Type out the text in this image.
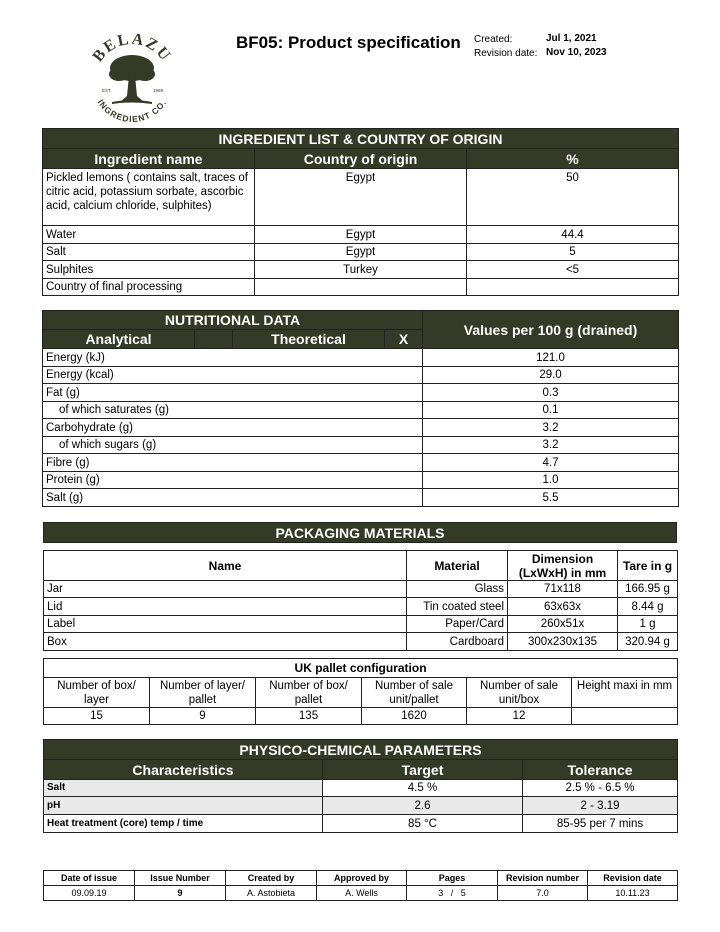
BELAZU
INGREDIENT CO.
EST.	1989
BF05: Product specification Created:	Jul 1, 2021
Revision date: Nov 10, 2023
INGREDIENT LIST & COUNTRY OF ORIGIN		
Ingredient name	Country of origin	%
Pickled lemons ( contains salt, traces of citric acid, potassium sorbate, ascorbic acid, calcium chloride, sulphites)	Egypt	50
Water	Egypt	44.4
Salt	Egypt	5
Sulphites	Turkey	<5
Country of final processing		
NUTRITIONAL DATA				Values per 100 g (drained)
Analytical		Theoretical	X	
Energy (kJ)				121.0
Energy (kcal)				29.0
Fat (g)				0.3
of which saturates (g)				0.1
Carbohydrate (g)				3.2
of which sugars (g)				3.2
Fibre (g)				4.7
Protein (g)				1.0
Salt (g)				5.5
PACKAGING MATERIALS
Name	Material	Dimension (LxWxH) in mm	Tare in g
Jar	Glass	71x118	166.95 g
Lid	Tin coated steel	63x63x	8.44 g
Label	Paper/Card	260x51x	1 g
Box	Cardboard	300x230x135	320.94 g
UK pallet configuration					
Number of box/ layer	Number of layer/ pallet	Number of box/ pallet	Number of sale unit/pallet	Number of sale unit/box	Height maxi in mm
15	9	135	1620	12	
PHYSICO-CHEMICAL PARAMETERS		
Characteristics	Target	Tolerance
Salt	4.5 %	2.5 % - 6.5 %
pH	2.6	2 - 3.19
Heat treatment (core) temp / time	85 °C	85-95 per 7 mins
Date of issue	Issue Number	Created by	Approved by	Pages	Revision number	Revision date
09.09.19	9	A. Astobieta	A. Wells	3   /   5	7.0	10.11.23
